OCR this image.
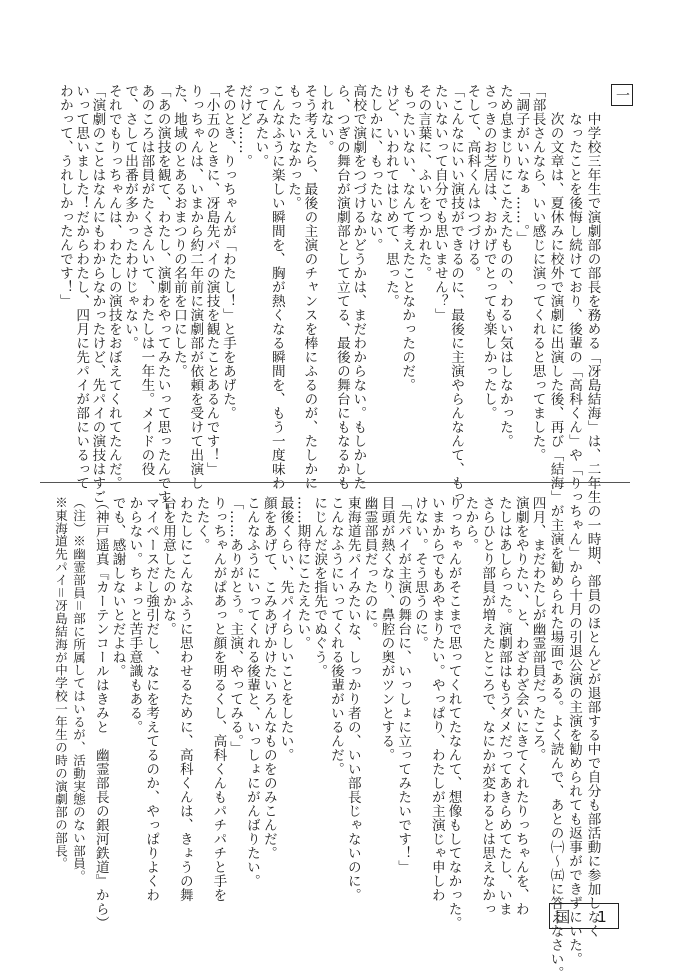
一
中学校三年生で演劇部の部長を務める「冴島結海」は、二年生の一時期、部員のほとんどが退部する中で自分も部活動に参加しなく
なったことを後悔し続けており、後輩の「高科くん」や「りっちゃん」から十月の引退公演の主演を勧められても返事ができずにいた。
次の文章は、夏休みに校外で演劇に出演した後、再び「結海」が主演を勧められた場面である。よく読んで、あとの㈠〜㈤に答えなさい。
「部長さんなら、いい感じに演ってくれると思ってました。
「調子がいいなぁ……。」
ため息まじりにこたえたものの、わるい気はしなかった。
さっきのお芝居は、おかげでとっても楽しかったし。
そして、高科くんはつづける。
「こんなにいい演技ができるのに、最後に主演やらんなんて、もっ
たいないって自分でも思いません？」
その言葉に、ふいをつかれた。
もったいない、なんて考えたことなかったのだ。
けど、いわれてはじめて、思った。
たしかに、もったいない。
高校で演劇をつづけるかどうかは、まだわからない。もしかした
ら、つぎの舞台が演劇部として立てる、最後の舞台にもなるかも
しれない。
そう考えたら、最後の主演のチャンスを棒にふるのが、たしかに
もったいなかった。
こんなふうに楽しい瞬間を、胸が熱くなる瞬間を、もう一度味わ
ってみたい。
だけど……。
そのとき、りっちゃんが「わたし！」と手をあげた。
「小五のときに、冴島先パイの演技を観たことあるんです！」
りっちゃんは、いまから約二年前に演劇部が依頼を受けて出演し
た、地域のとあるおまつりの名前を口にした。
「あの演技を観て、わたし、演劇をやってみたいって思ったんです！
あのころは部員がたくさんいて、わたしは一年生。メイドの役
で、さして出番が多かったわけじゃない。
それでもりっちゃんは、わたしの演技をおぼえてくれてたんだ。
「演劇のことはなんにもわからなかったけど、先パイの演技はすご
いって思いました！だからわたし、四月に先パイが部にいるって
わかって、うれしかったんです！」
四月、まだわたしが幽霊部員だったころ。
演劇をやりたい、と、わざわざ会いにきてくれたりっちゃんを、わ
たしはあしらった。演劇部はもうダメだってあきらめてたし、いま
さらひとり部員が増えたところで、なにかが変わるとは思えなかっ
たから。
りっちゃんがそこまで思ってくれてたなんて、想像もしてなかった。
いまからでもあやまりたい。やっぱり、わたしが主演じゃ申しわ
けない。そう思うのに。
「先パイが主演の舞台に、いっしょに立ってみたいです！」
目頭が熱くなり、鼻腔の奥がツンとする。
幽霊部員だったのに。
東海道先パイみたいな、しっかり者の、いい部長じゃないのに。
こんなふうにいってくれる後輩がいるんだ。
にじんだ涙を指先でぬぐう。
……期待にこたえたい。
最後くらい、先パイらしいことをしたい。
顔をあげて、こみあげかけたいろんなものをのみこんだ。
こんなふうにいってくれる後輩と、いっしょにがんばりたい。
「……ありがとう。主演、やってみる。」
りっちゃんがぱあっと顔を明るくし、高科くんもパチパチと手を
たたく。
わたしにこんなふうに思わせるために、高科くんは、きょうの舞
台を用意したのかな。
マイペースだし強引だし、なにを考えてるのか、やっぱりよくわ
からない。ちょっと苦手意識もある。
でも、感謝しないとだよね。
（神戸遥真『カーテンコールはきみと　幽霊部長の銀河鉄道』から）
（注）※幽霊部員＝部に所属してはいるが、活動実態のない部員。
※東海道先パイ＝冴島結海が中学校一年生の時の演劇部の部長。
国　1
